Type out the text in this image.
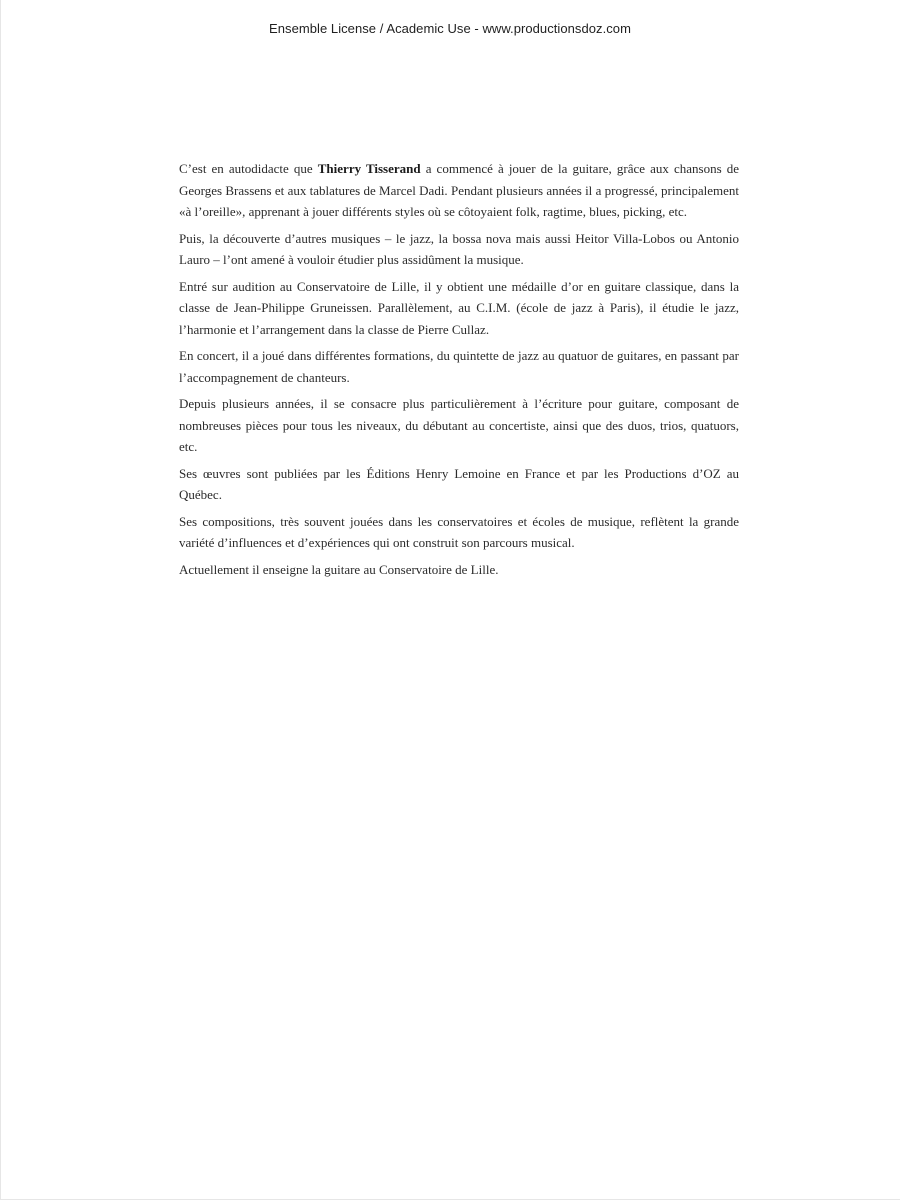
Ensemble License / Academic Use - www.productionsdoz.com

C’est en autodidacte que Thierry Tisserand a commencé à jouer de la guitare, grâce aux chansons de Georges Brassens et aux tablatures de Marcel Dadi. Pendant plusieurs années il a progressé, principalement «à l’oreille», apprenant à jouer différents styles où se côtoyaient folk, ragtime, blues, picking, etc.

Puis, la découverte d’autres musiques – le jazz, la bossa nova mais aussi Heitor Villa-Lobos ou Antonio Lauro – l’ont amené à vouloir étudier plus assidûment la musique.

Entré sur audition au Conservatoire de Lille, il y obtient une médaille d’or en guitare classique, dans la classe de Jean-Philippe Gruneissen. Parallèlement, au C.I.M. (école de jazz à Paris), il étudie le jazz, l’harmonie et l’arrangement dans la classe de Pierre Cullaz.

En concert, il a joué dans différentes formations, du quintette de jazz au quatuor de guitares, en passant par l’accompagnement de chanteurs.

Depuis plusieurs années, il se consacre plus particulièrement à l’écriture pour guitare, composant de nombreuses pièces pour tous les niveaux, du débutant au concertiste, ainsi que des duos, trios, quatuors, etc.

Ses œuvres sont publiées par les Éditions Henry Lemoine en France et par les Productions d’OZ au Québec.

Ses compositions, très souvent jouées dans les conservatoires et écoles de musique, reflètent la grande variété d’influences et d’expériences qui ont construit son parcours musical.

Actuellement il enseigne la guitare au Conservatoire de Lille.
